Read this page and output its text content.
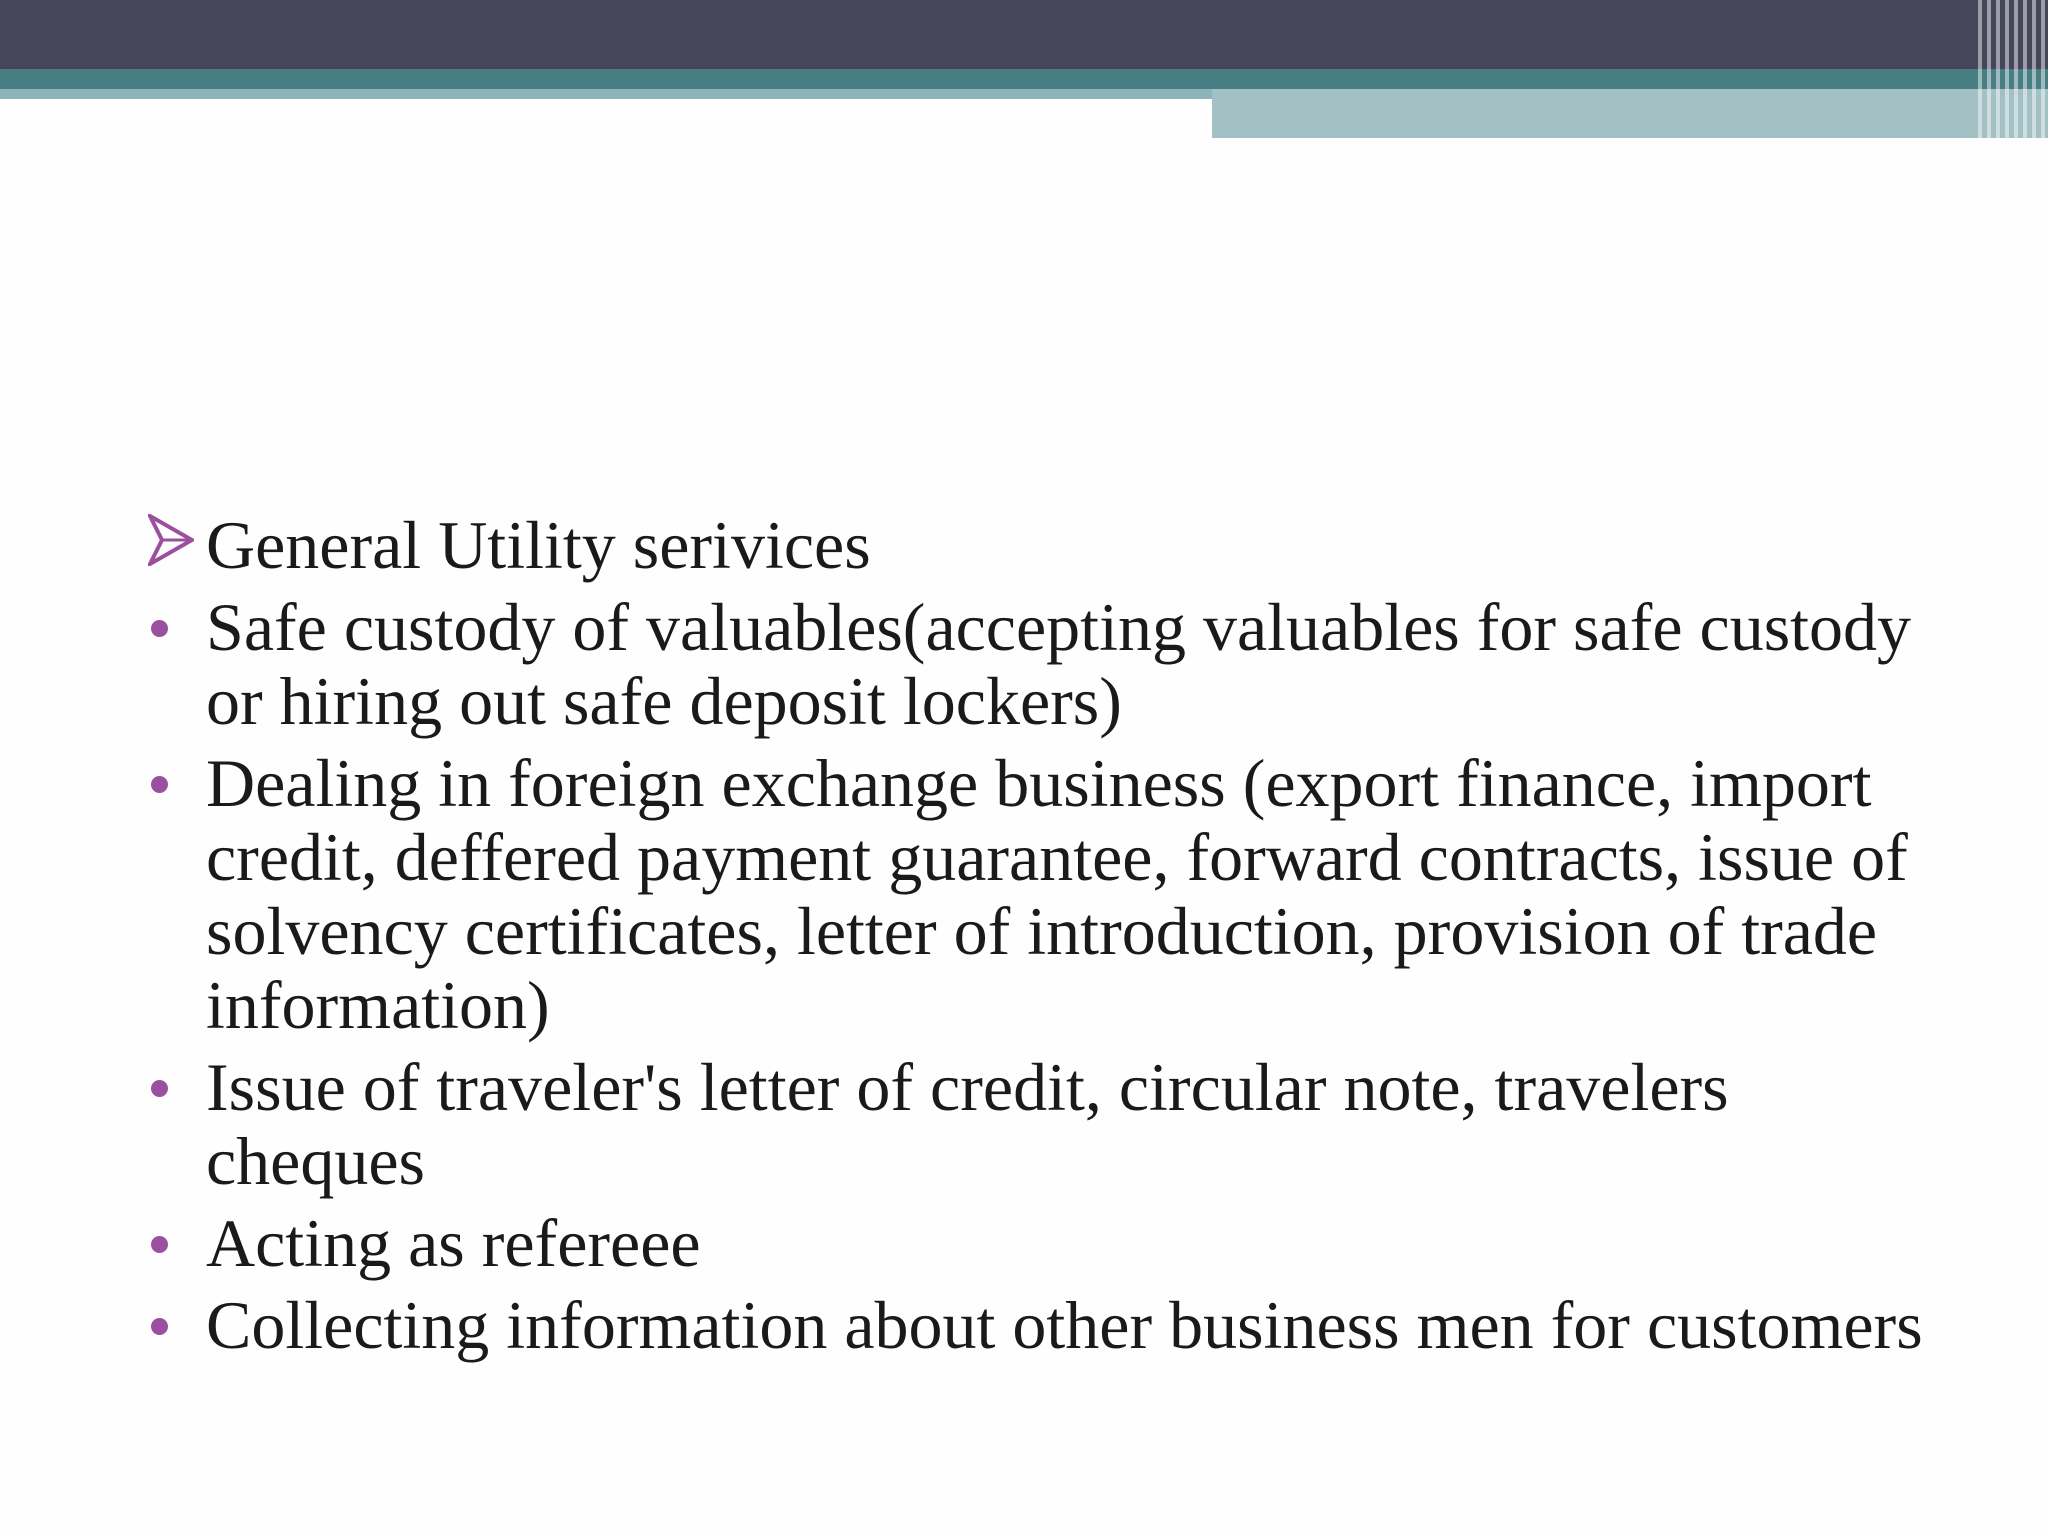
General Utility serivices
Safe custody of valuables(accepting valuables for safe custody or hiring out safe deposit lockers)
Dealing in foreign exchange business (export finance, import credit, deffered payment guarantee, forward contracts, issue of solvency certificates, letter of introduction, provision of trade information)
Issue of traveler's letter of credit, circular note, travelers cheques
Acting as refereee
Collecting information about other business men for customers
